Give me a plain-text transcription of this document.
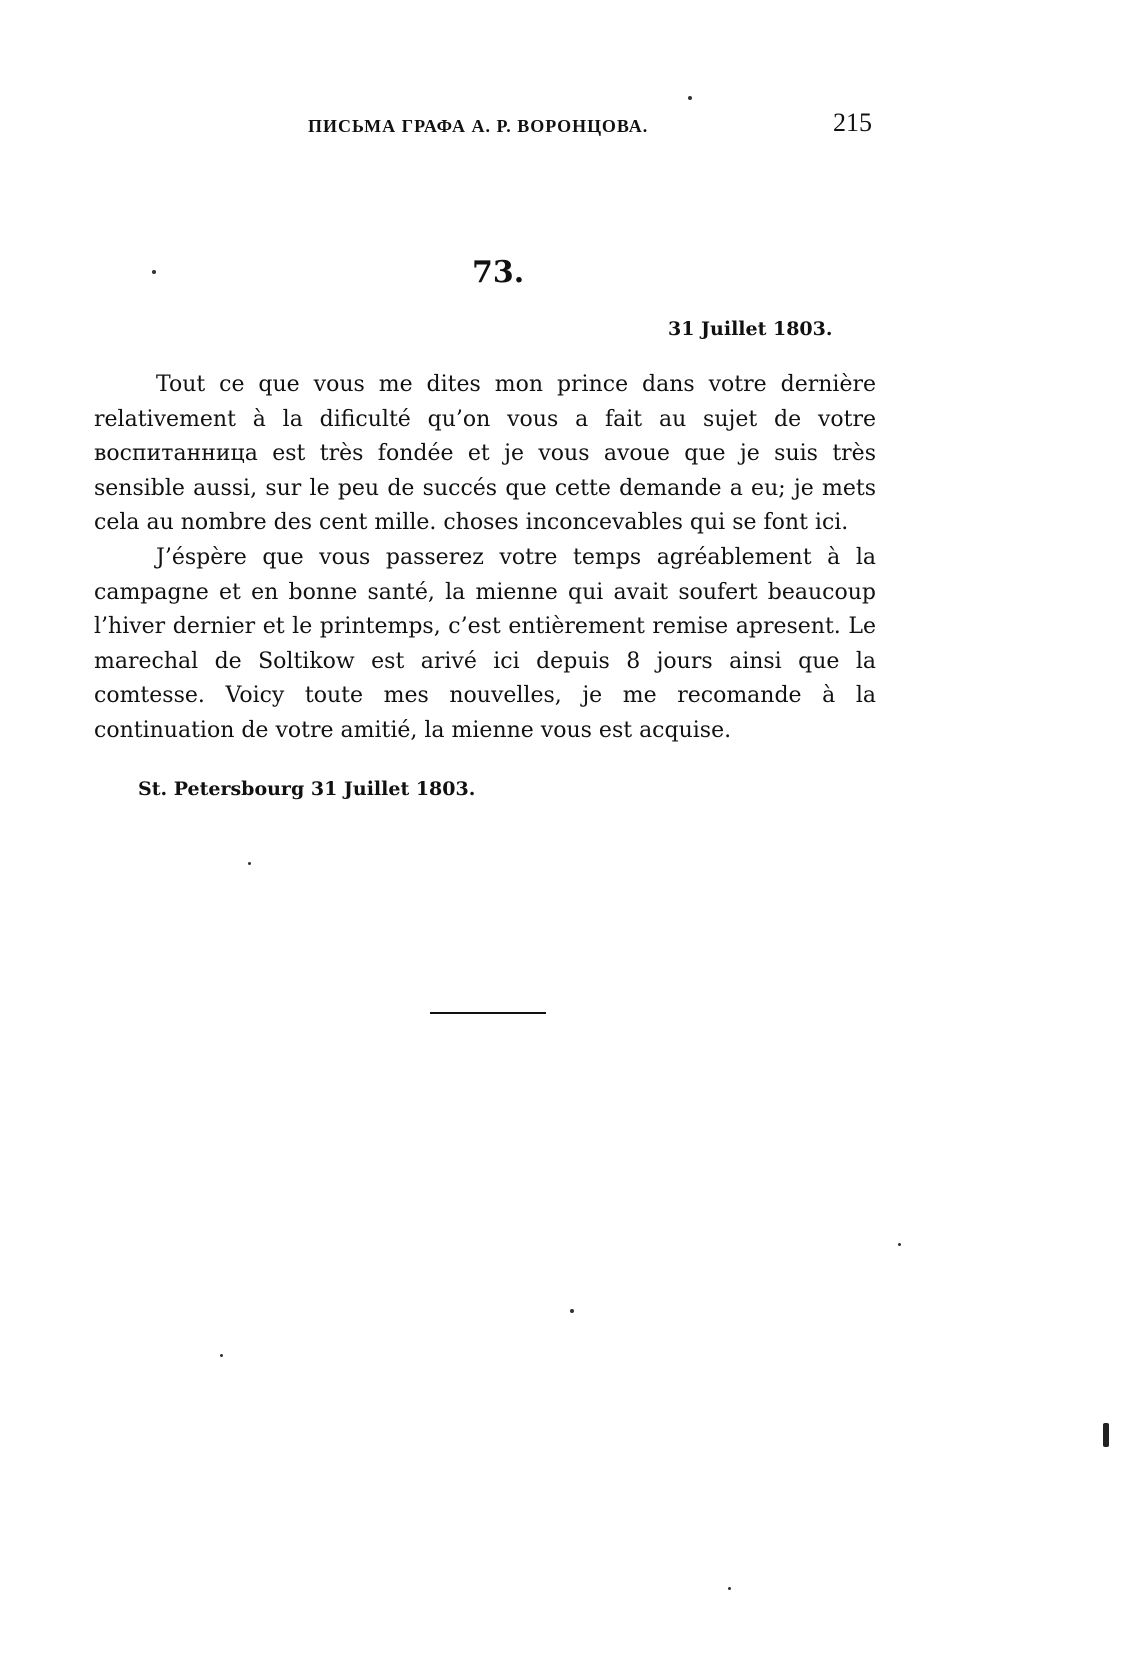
ПИСЬМА ГРАФА А. Р. ВОРОНЦОВА.	215
73.
31 Juillet 1803.

Tout ce que vous me dites mon prince dans votre dernière relativement à la dificulté qu’on vous a fait au sujet de votre воспитанница est très fondée et je vous avoue que je suis très sensible aussi, sur le peu de succés que cette demande a eu; je mets cela au nombre des cent mille. choses inconcevables qui se font ici.

J’éspère que vous passerez votre temps agréablement à la campagne et en bonne santé, la mienne qui avait soufert beaucoup l’hiver dernier et le printemps, c’est entièrement remise apresent. Le marechal de Soltikow est arivé ici depuis 8 jours ainsi que la comtesse. Voicy toute mes nouvelles, je me recomande à la continuation de votre amitié, la mienne vous est acquise.

St. Petersbourg 31 Juillet 1803.
